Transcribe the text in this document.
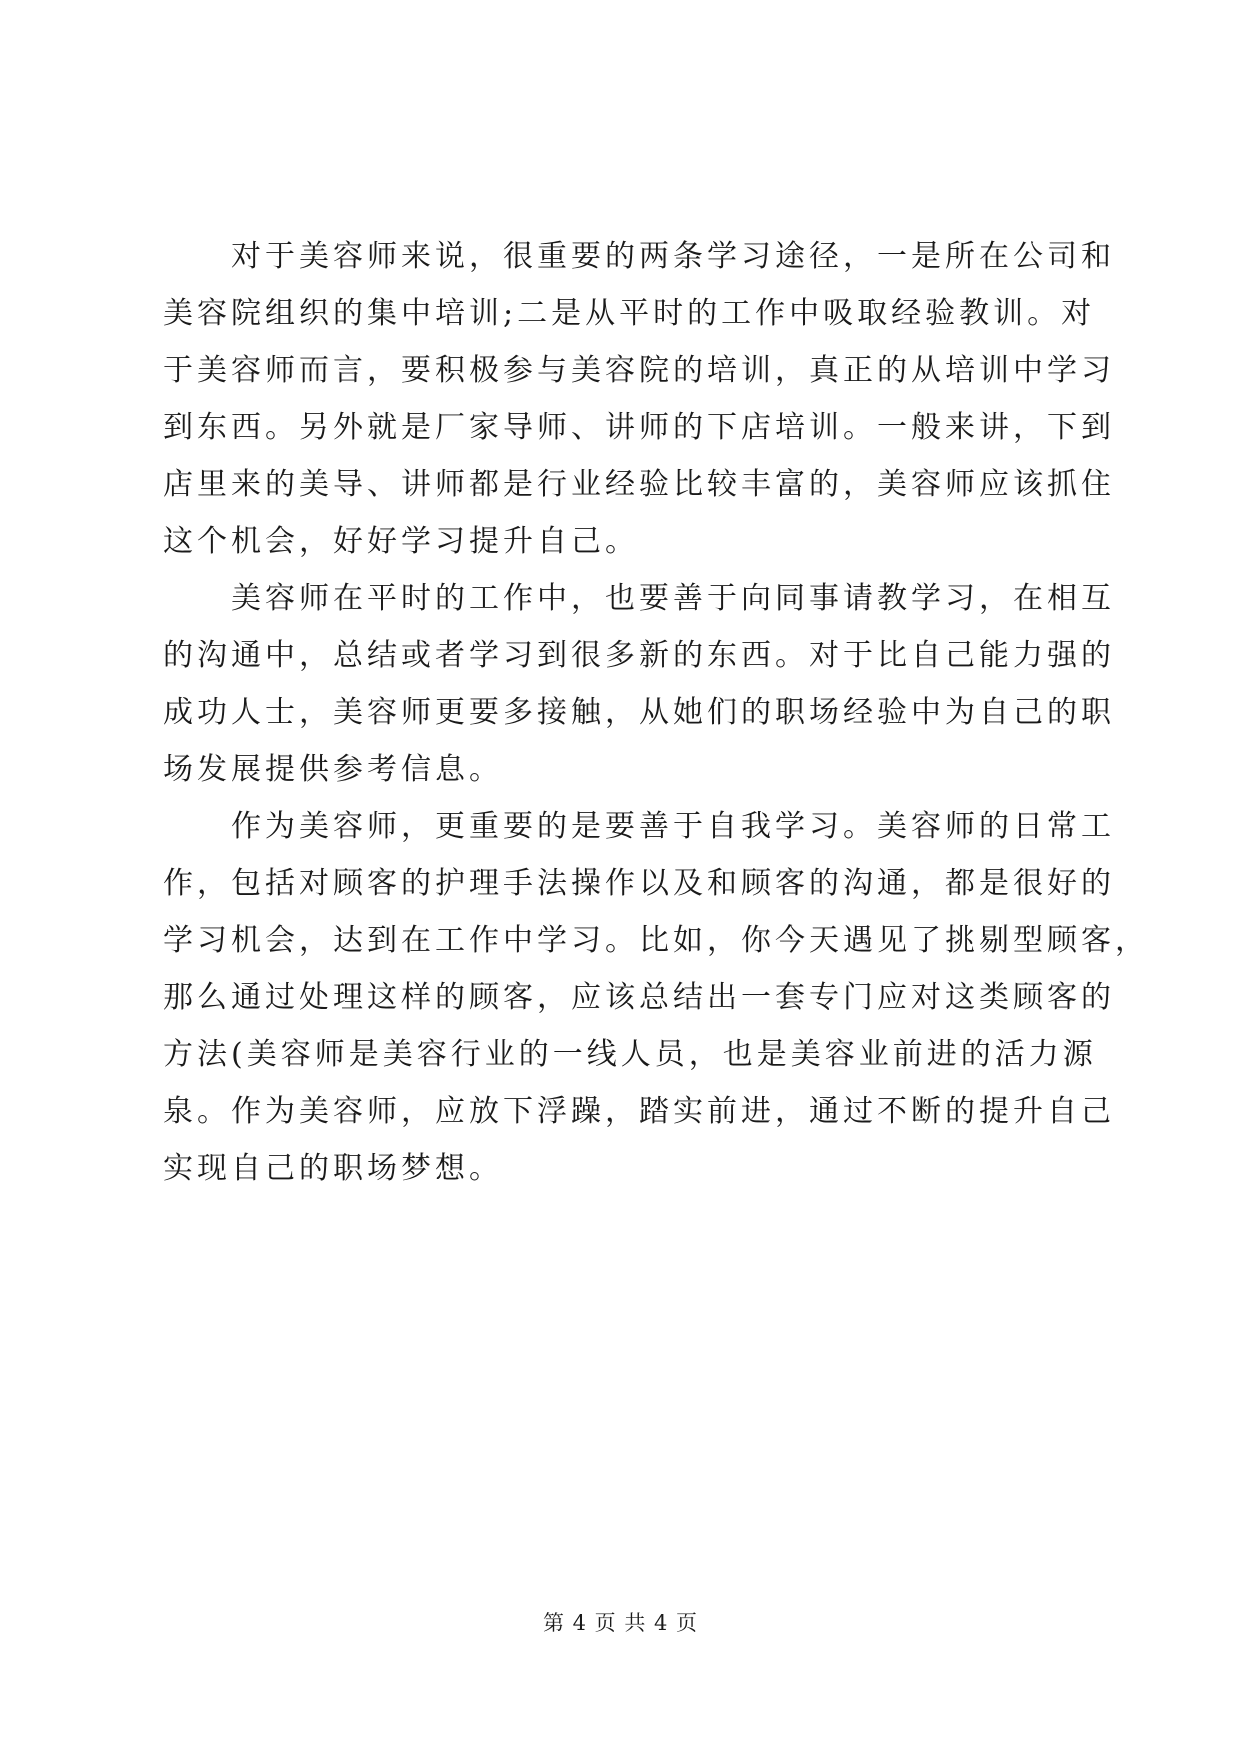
对于美容师来说，很重要的两条学习途径，一是所在公司和
美容院组织的集中培训;二是从平时的工作中吸取经验教训。对
于美容师而言，要积极参与美容院的培训，真正的从培训中学习
到东西。另外就是厂家导师、讲师的下店培训。一般来讲，下到
店里来的美导、讲师都是行业经验比较丰富的，美容师应该抓住
这个机会，好好学习提升自己。

美容师在平时的工作中，也要善于向同事请教学习，在相互
的沟通中，总结或者学习到很多新的东西。对于比自己能力强的
成功人士，美容师更要多接触，从她们的职场经验中为自己的职
场发展提供参考信息。

作为美容师，更重要的是要善于自我学习。美容师的日常工
作，包括对顾客的护理手法操作以及和顾客的沟通，都是很好的
学习机会，达到在工作中学习。比如，你今天遇见了挑剔型顾客，
那么通过处理这样的顾客，应该总结出一套专门应对这类顾客的
方法(美容师是美容行业的一线人员，也是美容业前进的活力源
泉。作为美容师，应放下浮躁，踏实前进，通过不断的提升自己
实现自己的职场梦想。

第 4 页 共 4 页
